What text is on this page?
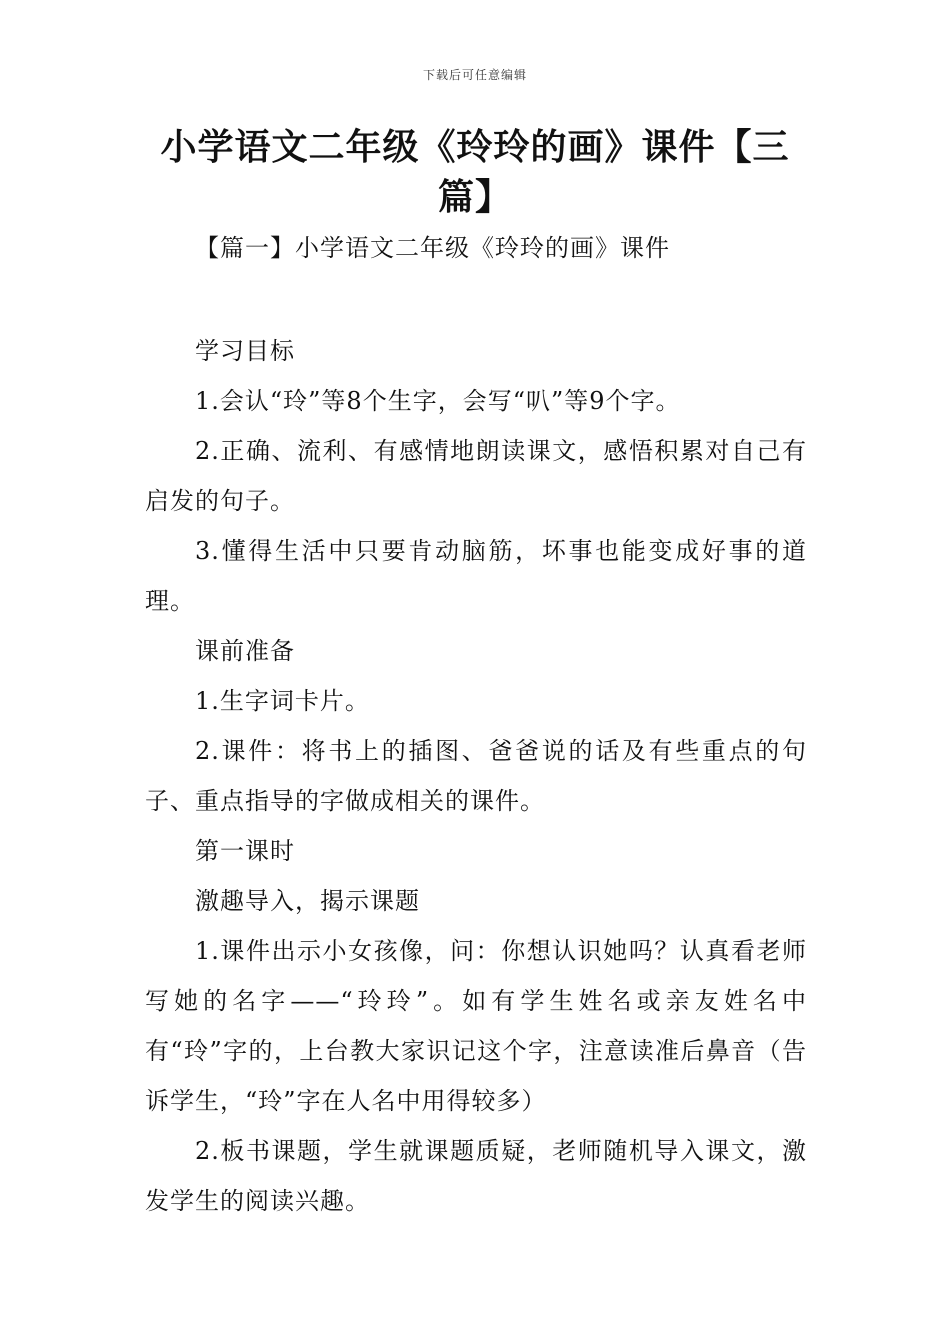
下载后可任意编辑
小学语文二年级《玲玲的画》课件【三篇】
【篇一】小学语文二年级《玲玲的画》课件

学习目标

1.会认“玲”等8个生字，会写“叭”等9个字。

2.正确、流利、有感情地朗读课文，感悟积累对自己有启发的句子。

3.懂得生活中只要肯动脑筋，坏事也能变成好事的道理。

课前准备

1.生字词卡片。

2.课件：将书上的插图、爸爸说的话及有些重点的句子、重点指导的字做成相关的课件。

第一课时

激趣导入，揭示课题

1.课件出示小女孩像，问：你想认识她吗？认真看老师写她的名字——“玲玲”。如有学生姓名或亲友姓名中有“玲”字的，上台教大家识记这个字，注意读准后鼻音（告诉学生，“玲”字在人名中用得较多）

2.板书课题，学生就课题质疑，老师随机导入课文，激发学生的阅读兴趣。
